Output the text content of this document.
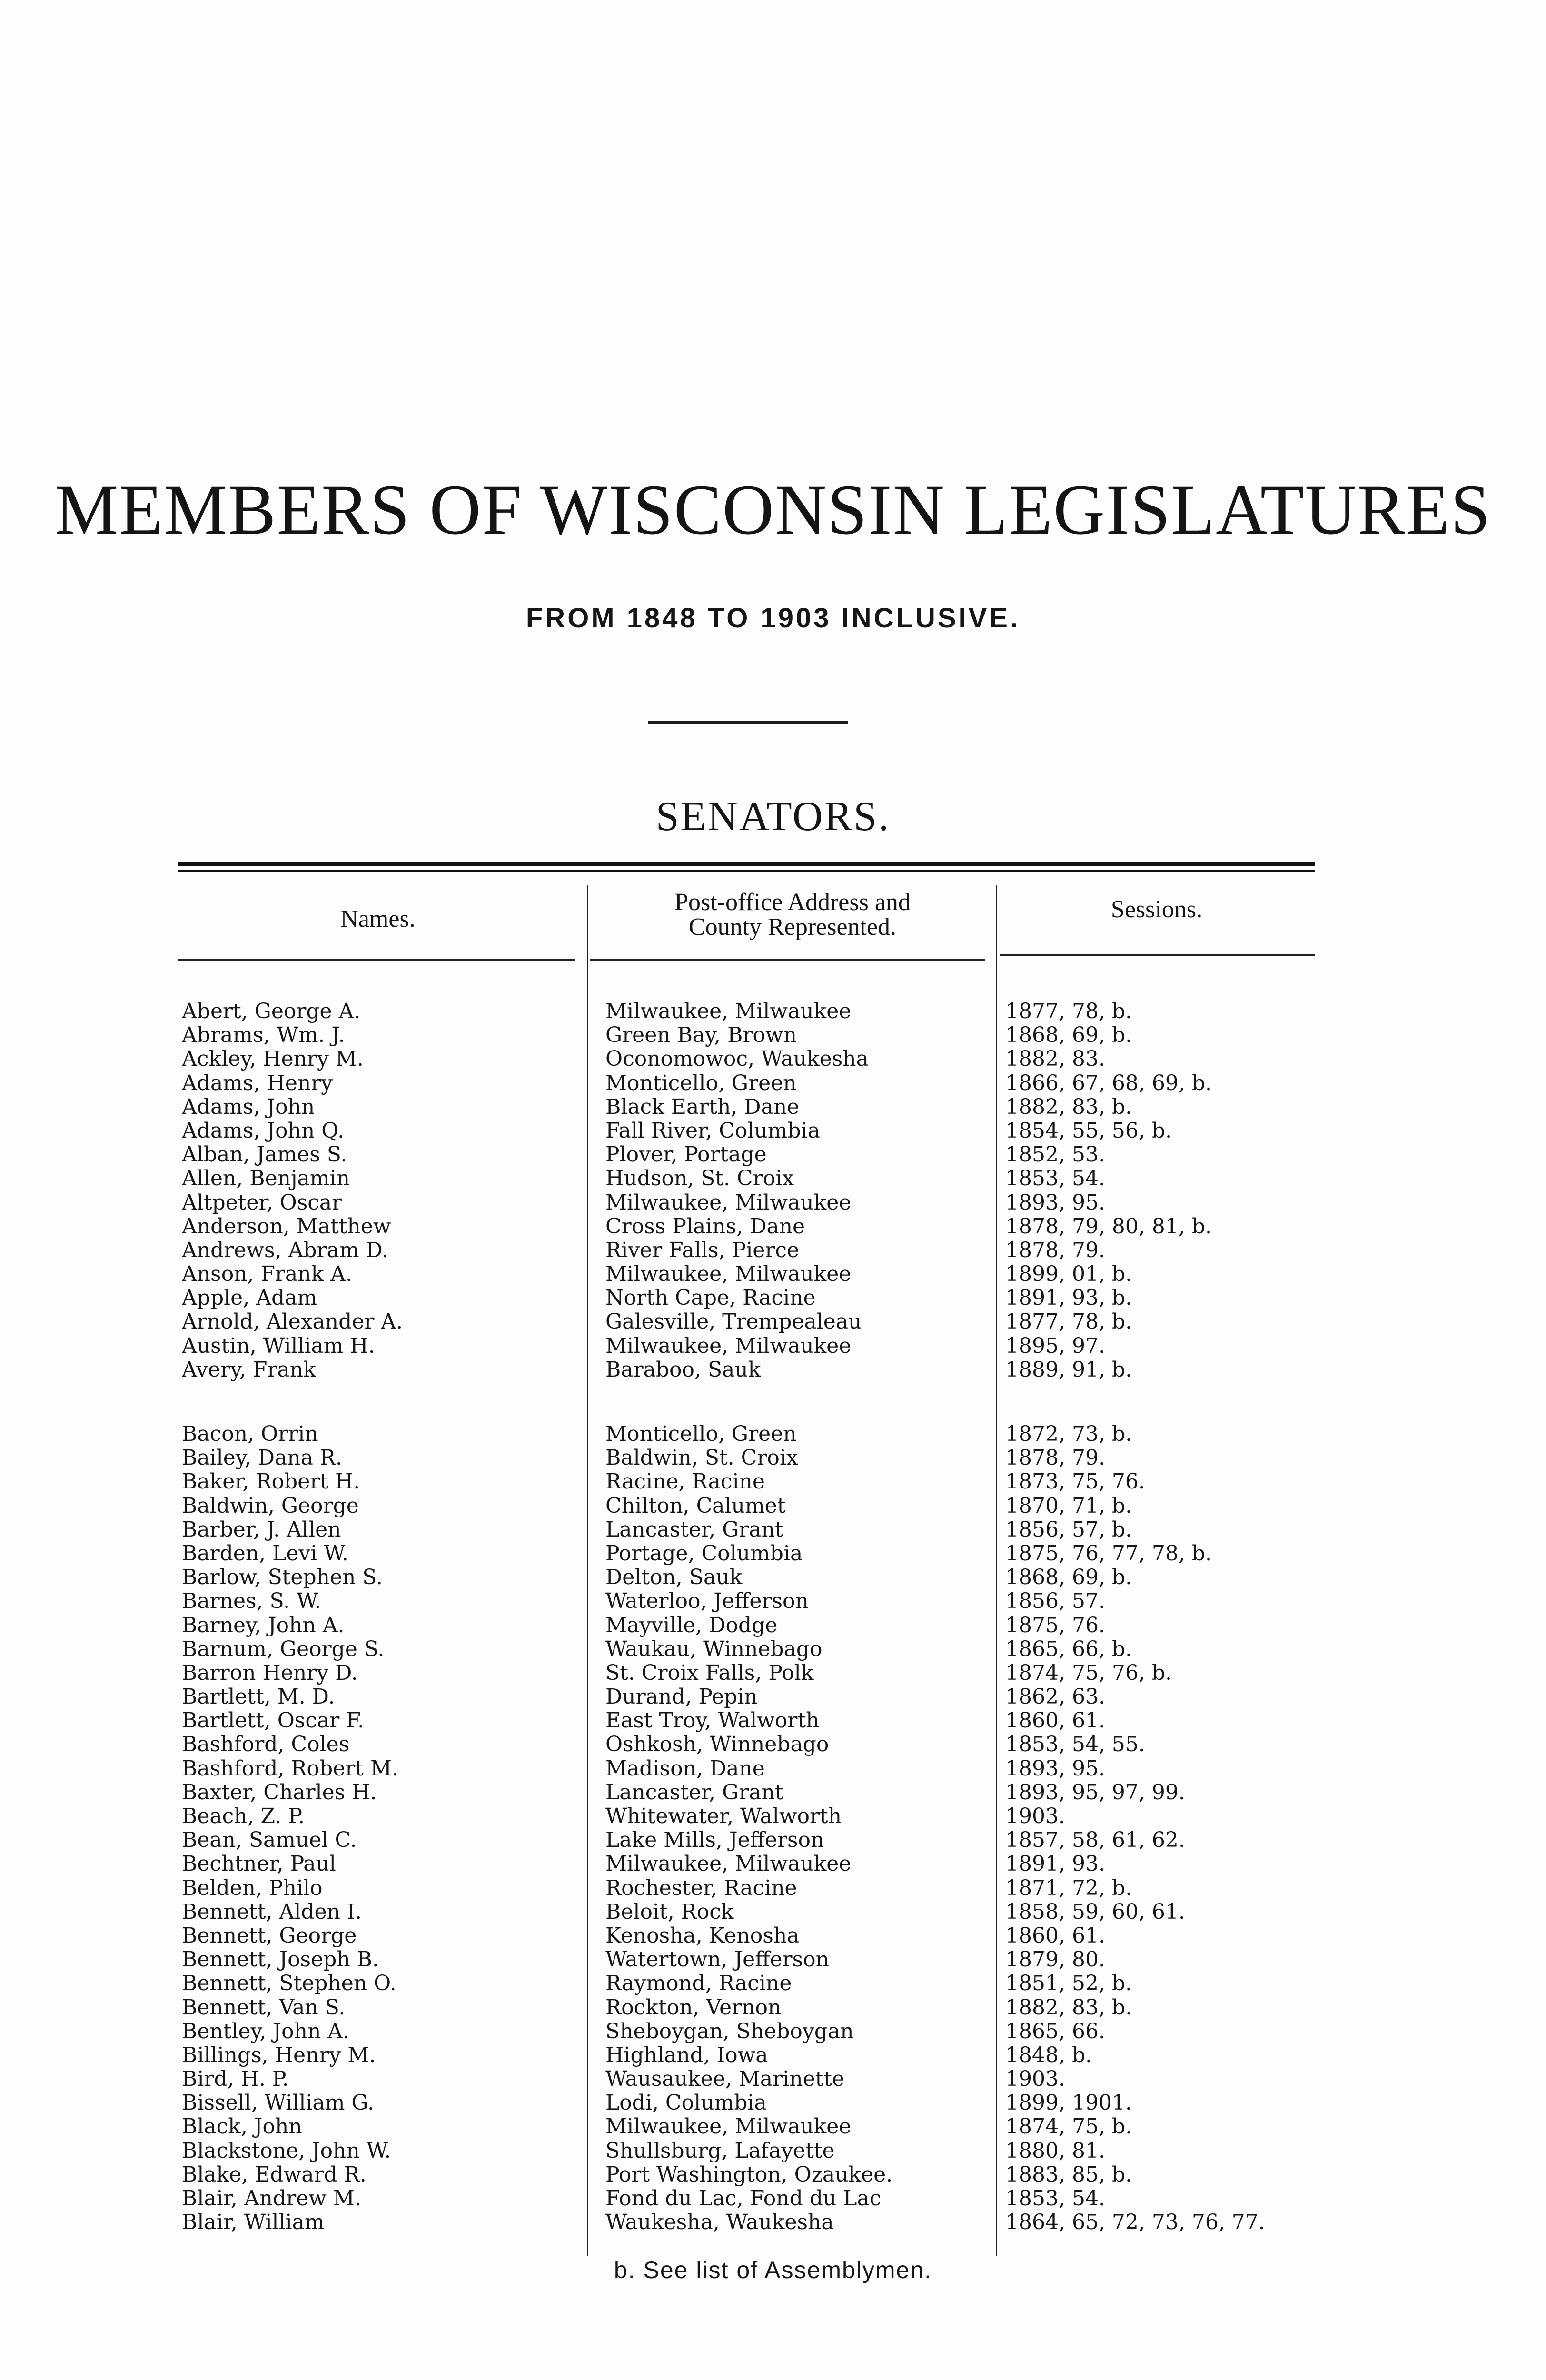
MEMBERS OF WISCONSIN LEGISLATURES
FROM 1848 TO 1903 INCLUSIVE.
SENATORS.
Names.
Post-office Address and
County Represented.
Sessions.
Abert, George A.	Milwaukee, Milwaukee	1877, 78, b.
Abrams, Wm. J.	Green Bay, Brown	1868, 69, b.
Ackley, Henry M.	Oconomowoc, Waukesha	1882, 83.
Adams, Henry	Monticello, Green	1866, 67, 68, 69, b.
Adams, John	Black Earth, Dane	1882, 83, b.
Adams, John Q.	Fall River, Columbia	1854, 55, 56, b.
Alban, James S.	Plover, Portage	1852, 53.
Allen, Benjamin	Hudson, St. Croix	1853, 54.
Altpeter, Oscar	Milwaukee, Milwaukee	1893, 95.
Anderson, Matthew	Cross Plains, Dane	1878, 79, 80, 81, b.
Andrews, Abram D.	River Falls, Pierce	1878, 79.
Anson, Frank A.	Milwaukee, Milwaukee	1899, 01, b.
Apple, Adam	North Cape, Racine	1891, 93, b.
Arnold, Alexander A.	Galesville, Trempealeau	1877, 78, b.
Austin, William H.	Milwaukee, Milwaukee	1895, 97.
Avery, Frank	Baraboo, Sauk	1889, 91, b.
Bacon, Orrin	Monticello, Green	1872, 73, b.
Bailey, Dana R.	Baldwin, St. Croix	1878, 79.
Baker, Robert H.	Racine, Racine	1873, 75, 76.
Baldwin, George	Chilton, Calumet	1870, 71, b.
Barber, J. Allen	Lancaster, Grant	1856, 57, b.
Barden, Levi W.	Portage, Columbia	1875, 76, 77, 78, b.
Barlow, Stephen S.	Delton, Sauk	1868, 69, b.
Barnes, S. W.	Waterloo, Jefferson	1856, 57.
Barney, John A.	Mayville, Dodge	1875, 76.
Barnum, George S.	Waukau, Winnebago	1865, 66, b.
Barron Henry D.	St. Croix Falls, Polk	1874, 75, 76, b.
Bartlett, M. D.	Durand, Pepin	1862, 63.
Bartlett, Oscar F.	East Troy, Walworth	1860, 61.
Bashford, Coles	Oshkosh, Winnebago	1853, 54, 55.
Bashford, Robert M.	Madison, Dane	1893, 95.
Baxter, Charles H.	Lancaster, Grant	1893, 95, 97, 99.
Beach, Z. P.	Whitewater, Walworth	1903.
Bean, Samuel C.	Lake Mills, Jefferson	1857, 58, 61, 62.
Bechtner, Paul	Milwaukee, Milwaukee	1891, 93.
Belden, Philo	Rochester, Racine	1871, 72, b.
Bennett, Alden I.	Beloit, Rock	1858, 59, 60, 61.
Bennett, George	Kenosha, Kenosha	1860, 61.
Bennett, Joseph B.	Watertown, Jefferson	1879, 80.
Bennett, Stephen O.	Raymond, Racine	1851, 52, b.
Bennett, Van S.	Rockton, Vernon	1882, 83, b.
Bentley, John A.	Sheboygan, Sheboygan	1865, 66.
Billings, Henry M.	Highland, Iowa	1848, b.
Bird, H. P.	Wausaukee, Marinette	1903.
Bissell, William G.	Lodi, Columbia	1899, 1901.
Black, John	Milwaukee, Milwaukee	1874, 75, b.
Blackstone, John W.	Shullsburg, Lafayette	1880, 81.
Blake, Edward R.	Port Washington, Ozaukee.	1883, 85, b.
Blair, Andrew M.	Fond du Lac, Fond du Lac	1853, 54.
Blair, William	Waukesha, Waukesha	1864, 65, 72, 73, 76, 77.
b. See list of Assemblymen.
